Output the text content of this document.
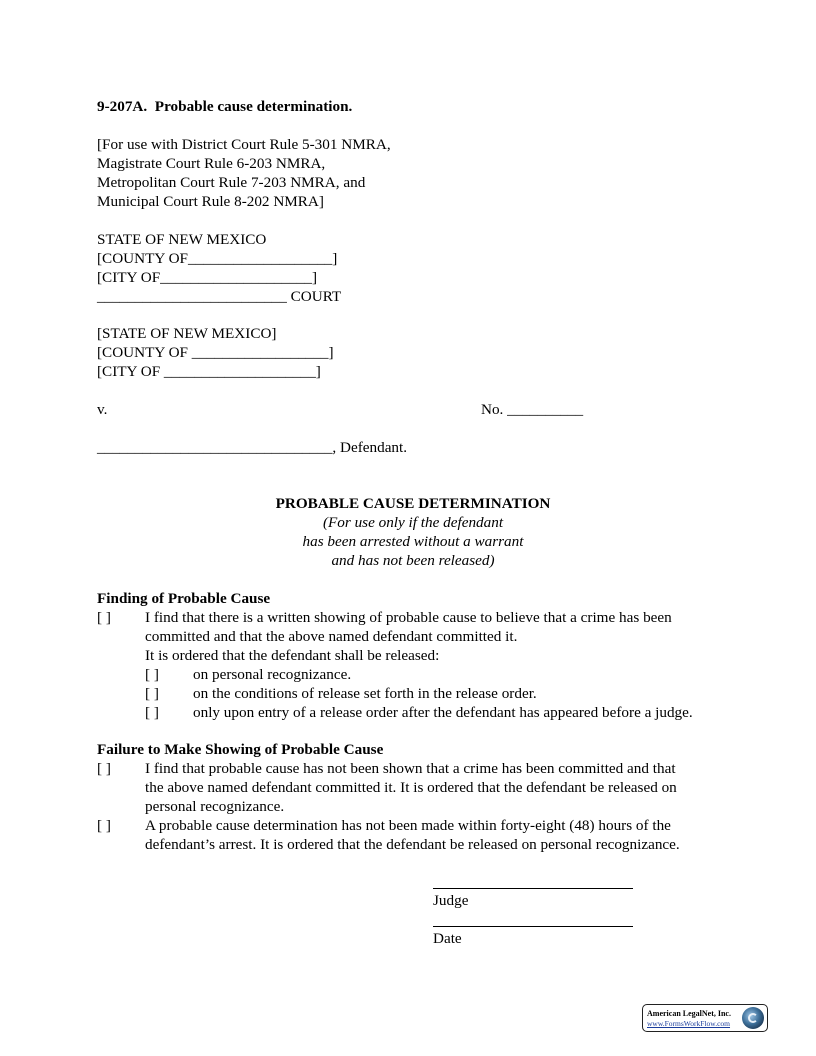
9-207A.  Probable cause determination.
[For use with District Court Rule 5-301 NMRA,
Magistrate Court Rule 6-203 NMRA,
Metropolitan Court Rule 7-203 NMRA, and
Municipal Court Rule 8-202 NMRA]
STATE OF NEW MEXICO
[COUNTY OF___________________]
[CITY OF____________________]
_________________________ COURT
[STATE OF NEW MEXICO]
[COUNTY OF __________________]
[CITY OF ____________________]
v.	No. __________
_______________________________, Defendant.
PROBABLE CAUSE DETERMINATION
(For use only if the defendant
has been arrested without a warrant
and has not been released)
Finding of Probable Cause
[ ] I find that there is a written showing of probable cause to believe that a crime has been
committed and that the above named defendant committed it.
It is ordered that the defendant shall be released:
[ ] on personal recognizance.
[ ] on the conditions of release set forth in the release order.
[ ] only upon entry of a release order after the defendant has appeared before a judge.
Failure to Make Showing of Probable Cause
[ ] I find that probable cause has not been shown that a crime has been committed and that
the above named defendant committed it. It is ordered that the defendant be released on
personal recognizance.
[ ] A probable cause determination has not been made within forty-eight (48) hours of the
defendant’s arrest. It is ordered that the defendant be released on personal recognizance.
Judge
Date
American LegalNet, Inc.
www.FormsWorkFlow.com
